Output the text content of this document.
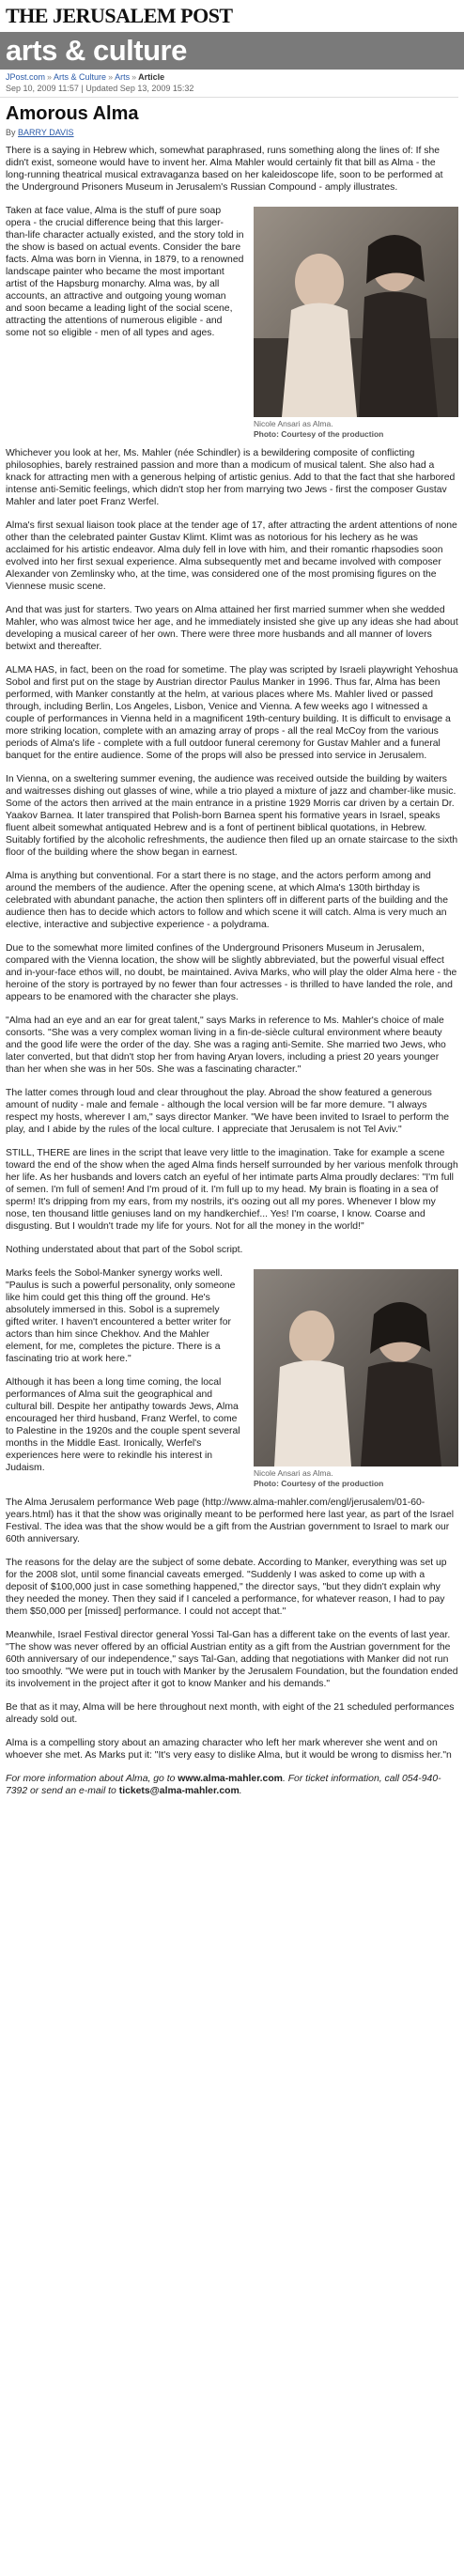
THE JERUSALEM POST
arts & culture
JPost.com » Arts & Culture » Arts » Article
Sep 10, 2009 11:57 | Updated Sep 13, 2009 15:32
Amorous Alma
By BARRY DAVIS

There is a saying in Hebrew which, somewhat paraphrased, runs something along the lines of: If she didn't exist, someone would have to invent her. Alma Mahler would certainly fit that bill as Alma - the long-running theatrical musical extravaganza based on her kaleidoscope life, soon to be performed at the Underground Prisoners Museum in Jerusalem's Russian Compound - amply illustrates.

Nicole Ansari as Alma.
Photo: Courtesy of the production

Taken at face value, Alma is the stuff of pure soap opera - the crucial difference being that this larger-than-life character actually existed, and the story told in the show is based on actual events. Consider the bare facts. Alma was born in Vienna, in 1879, to a renowned landscape painter who became the most important artist of the Hapsburg monarchy. Alma was, by all accounts, an attractive and outgoing young woman and soon became a leading light of the social scene, attracting the attentions of numerous eligible - and some not so eligible - men of all types and ages.

Whichever you look at her, Ms. Mahler (née Schindler) is a bewildering composite of conflicting philosophies, barely restrained passion and more than a modicum of musical talent. She also had a knack for attracting men with a generous helping of artistic genius. Add to that the fact that she harbored intense anti-Semitic feelings, which didn't stop her from marrying two Jews - first the composer Gustav Mahler and later poet Franz Werfel.

Alma's first sexual liaison took place at the tender age of 17, after attracting the ardent attentions of none other than the celebrated painter Gustav Klimt. Klimt was as notorious for his lechery as he was acclaimed for his artistic endeavor. Alma duly fell in love with him, and their romantic rhapsodies soon evolved into her first sexual experience. Alma subsequently met and became involved with composer Alexander von Zemlinsky who, at the time, was considered one of the most promising figures on the Viennese music scene.

And that was just for starters. Two years on Alma attained her first married summer when she wedded Mahler, who was almost twice her age, and he immediately insisted she give up any ideas she had about developing a musical career of her own. There were three more husbands and all manner of lovers betwixt and thereafter.

ALMA HAS, in fact, been on the road for sometime. The play was scripted by Israeli playwright Yehoshua Sobol and first put on the stage by Austrian director Paulus Manker in 1996. Thus far, Alma has been performed, with Manker constantly at the helm, at various places where Ms. Mahler lived or passed through, including Berlin, Los Angeles, Lisbon, Venice and Vienna. A few weeks ago I witnessed a couple of performances in Vienna held in a magnificent 19th-century building. It is difficult to envisage a more striking location, complete with an amazing array of props - all the real McCoy from the various periods of Alma's life - complete with a full outdoor funeral ceremony for Gustav Mahler and a funeral banquet for the entire audience. Some of the props will also be pressed into service in Jerusalem.

In Vienna, on a sweltering summer evening, the audience was received outside the building by waiters and waitresses dishing out glasses of wine, while a trio played a mixture of jazz and chamber-like music. Some of the actors then arrived at the main entrance in a pristine 1929 Morris car driven by a certain Dr. Yaakov Barnea. It later transpired that Polish-born Barnea spent his formative years in Israel, speaks fluent albeit somewhat antiquated Hebrew and is a font of pertinent biblical quotations, in Hebrew. Suitably fortified by the alcoholic refreshments, the audience then filed up an ornate staircase to the sixth floor of the building where the show began in earnest.

Alma is anything but conventional. For a start there is no stage, and the actors perform among and around the members of the audience. After the opening scene, at which Alma's 130th birthday is celebrated with abundant panache, the action then splinters off in different parts of the building and the audience then has to decide which actors to follow and which scene it will catch. Alma is very much an elective, interactive and subjective experience - a polydrama.

Due to the somewhat more limited confines of the Underground Prisoners Museum in Jerusalem, compared with the Vienna location, the show will be slightly abbreviated, but the powerful visual effect and in-your-face ethos will, no doubt, be maintained. Aviva Marks, who will play the older Alma here - the heroine of the story is portrayed by no fewer than four actresses - is thrilled to have landed the role, and appears to be enamored with the character she plays.

"Alma had an eye and an ear for great talent," says Marks in reference to Ms. Mahler's choice of male consorts. "She was a very complex woman living in a fin-de-siècle cultural environment where beauty and the good life were the order of the day. She was a raging anti-Semite. She married two Jews, who later converted, but that didn't stop her from having Aryan lovers, including a priest 20 years younger than her when she was in her 50s. She was a fascinating character."

The latter comes through loud and clear throughout the play. Abroad the show featured a generous amount of nudity - male and female - although the local version will be far more demure. "I always respect my hosts, wherever I am," says director Manker. "We have been invited to Israel to perform the play, and I abide by the rules of the local culture. I appreciate that Jerusalem is not Tel Aviv."

STILL, THERE are lines in the script that leave very little to the imagination. Take for example a scene toward the end of the show when the aged Alma finds herself surrounded by her various menfolk through her life. As her husbands and lovers catch an eyeful of her intimate parts Alma proudly declares: "I'm full of semen. I'm full of semen! And I'm proud of it. I'm full up to my head. My brain is floating in a sea of sperm! It's dripping from my ears, from my nostrils, it's oozing out all my pores. Whenever I blow my nose, ten thousand little geniuses land on my handkerchief... Yes! I'm coarse, I know. Coarse and disgusting. But I wouldn't trade my life for yours. Not for all the money in the world!"

Nothing understated about that part of the Sobol script.

Nicole Ansari as Alma.
Photo: Courtesy of the production

Marks feels the Sobol-Manker synergy works well. "Paulus is such a powerful personality, only someone like him could get this thing off the ground. He's absolutely immersed in this. Sobol is a supremely gifted writer. I haven't encountered a better writer for actors than him since Chekhov. And the Mahler element, for me, completes the picture. There is a fascinating trio at work here."

Although it has been a long time coming, the local performances of Alma suit the geographical and cultural bill. Despite her antipathy towards Jews, Alma encouraged her third husband, Franz Werfel, to come to Palestine in the 1920s and the couple spent several months in the Middle East. Ironically, Werfel's experiences here were to rekindle his interest in Judaism.

The Alma Jerusalem performance Web page (http://www.alma-mahler.com/engl/jerusalem/01-60-years.html) has it that the show was originally meant to be performed here last year, as part of the Israel Festival. The idea was that the show would be a gift from the Austrian government to Israel to mark our 60th anniversary.

The reasons for the delay are the subject of some debate. According to Manker, everything was set up for the 2008 slot, until some financial caveats emerged. "Suddenly I was asked to come up with a deposit of $100,000 just in case something happened," the director says, "but they didn't explain why they needed the money. Then they said if I canceled a performance, for whatever reason, I had to pay them $50,000 per [missed] performance. I could not accept that."

Meanwhile, Israel Festival director general Yossi Tal-Gan has a different take on the events of last year. "The show was never offered by an official Austrian entity as a gift from the Austrian government for the 60th anniversary of our independence," says Tal-Gan, adding that negotiations with Manker did not run too smoothly. "We were put in touch with Manker by the Jerusalem Foundation, but the foundation ended its involvement in the project after it got to know Manker and his demands."

Be that as it may, Alma will be here throughout next month, with eight of the 21 scheduled performances already sold out.

Alma is a compelling story about an amazing character who left her mark wherever she went and on whoever she met. As Marks put it: "It's very easy to dislike Alma, but it would be wrong to dismiss her."n

For more information about Alma, go to www.alma-mahler.com. For ticket information, call 054-940-7392 or send an e-mail to tickets@alma-mahler.com.
